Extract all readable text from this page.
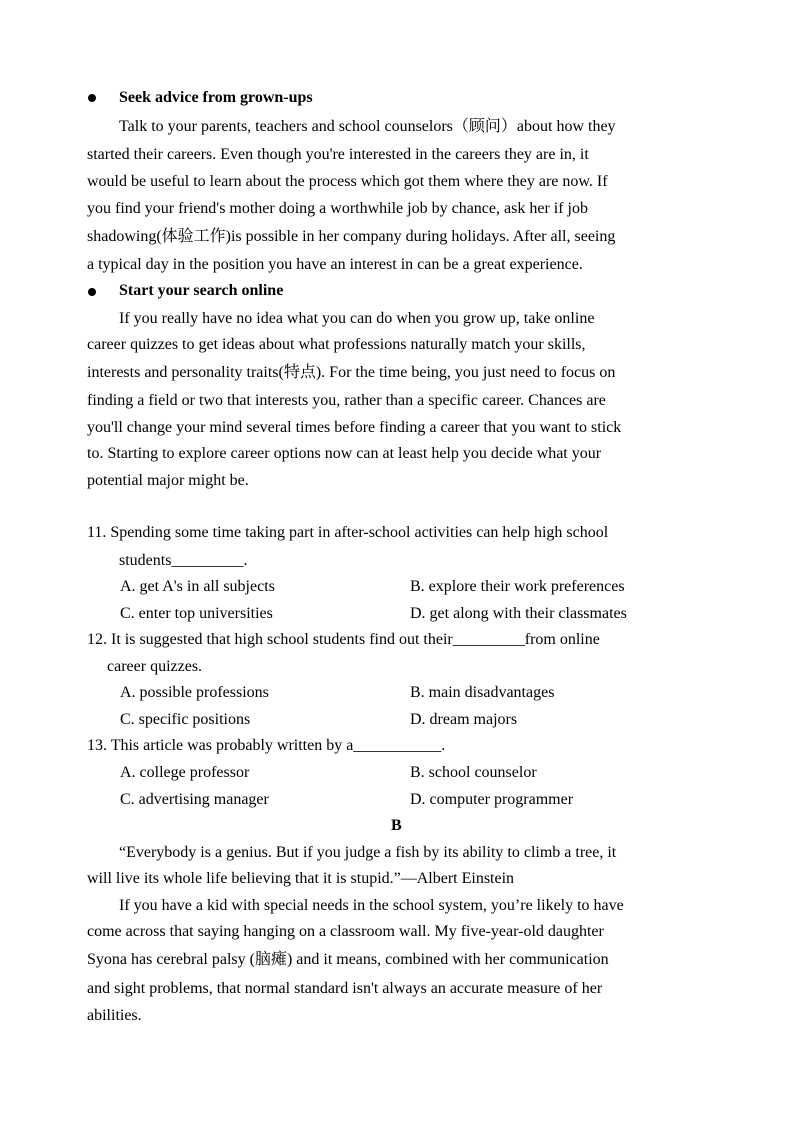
Seek advice from grown-ups
Talk to your parents, teachers and school counselors（顾问）about how they
started their careers. Even though you're interested in the careers they are in, it
would be useful to learn about the process which got them where they are now. If
you find your friend's mother doing a worthwhile job by chance, ask her if job
shadowing(体验工作)is possible in her company during holidays. After all, seeing
a typical day in the position you have an interest in can be a great experience.
Start your search online
If you really have no idea what you can do when you grow up, take online
career quizzes to get ideas about what professions naturally match your skills,
interests and personality traits(特点). For the time being, you just need to focus on
finding a field or two that interests you, rather than a specific career. Chances are
you'll change your mind several times before finding a career that you want to stick
to. Starting to explore career options now can at least help you decide what your
potential major might be.
11. Spending some time taking part in after-school activities can help high school
students_________.
A. get A's in all subjects	B. explore their work preferences
C. enter top universities	D. get along with their classmates
12. It is suggested that high school students find out their_________from online
career quizzes.
A. possible professions	B. main disadvantages
C. specific positions	D. dream majors
13. This article was probably written by a___________.
A. college professor	B. school counselor
C. advertising manager	D. computer programmer
B
“Everybody is a genius. But if you judge a fish by its ability to climb a tree, it
will live its whole life believing that it is stupid.”—Albert Einstein
If you have a kid with special needs in the school system, you’re likely to have
come across that saying hanging on a classroom wall. My five-year-old daughter
Syona has cerebral palsy (脑瘫) and it means, combined with her communication
and sight problems, that normal standard isn't always an accurate measure of her
abilities.
